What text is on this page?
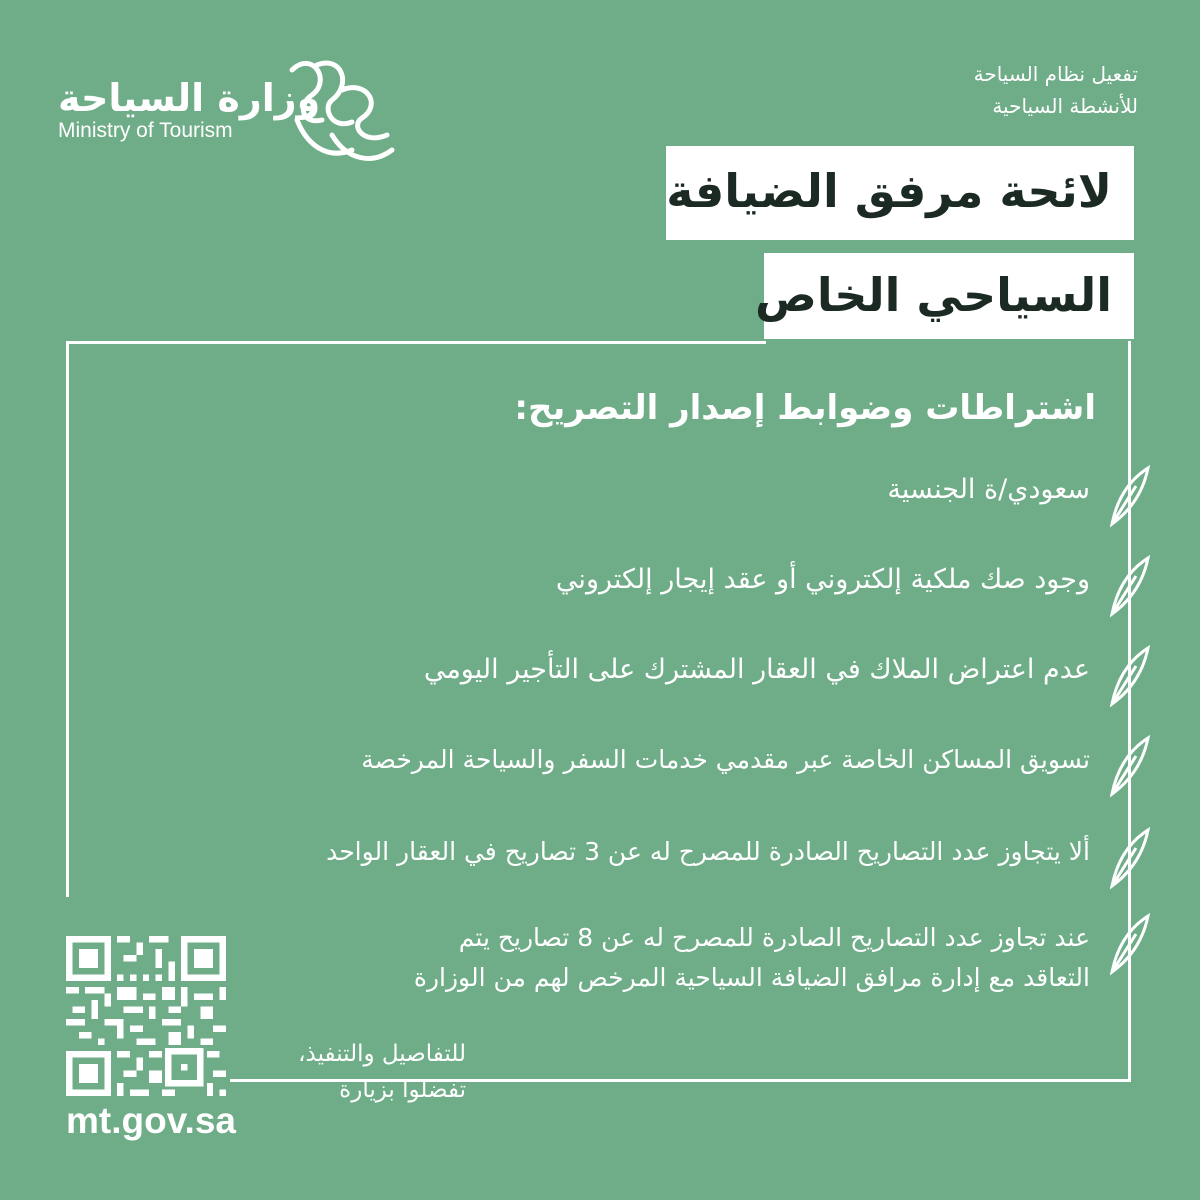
وزارة السياحة
Ministry of Tourism
تفعيل نظام السياحة
للأنشطة السياحية
لائحة مرفق الضيافة
السياحي الخاص
اشتراطات وضوابط إصدار التصريح:
سعودي/ة الجنسية
وجود صك ملكية إلكتروني أو عقد إيجار إلكتروني
عدم اعتراض الملاك في العقار المشترك على التأجير اليومي
تسويق المساكن الخاصة عبر مقدمي خدمات السفر والسياحة المرخصة
ألا يتجاوز عدد التصاريح الصادرة للمصرح له عن 3 تصاريح في العقار الواحد
عند تجاوز عدد التصاريح الصادرة للمصرح له عن 8 تصاريح يتم
التعاقد مع إدارة مرافق الضيافة السياحية المرخص لهم من الوزارة
للتفاصيل والتنفيذ،
تفضلوا بزيارة
mt.gov.sa
